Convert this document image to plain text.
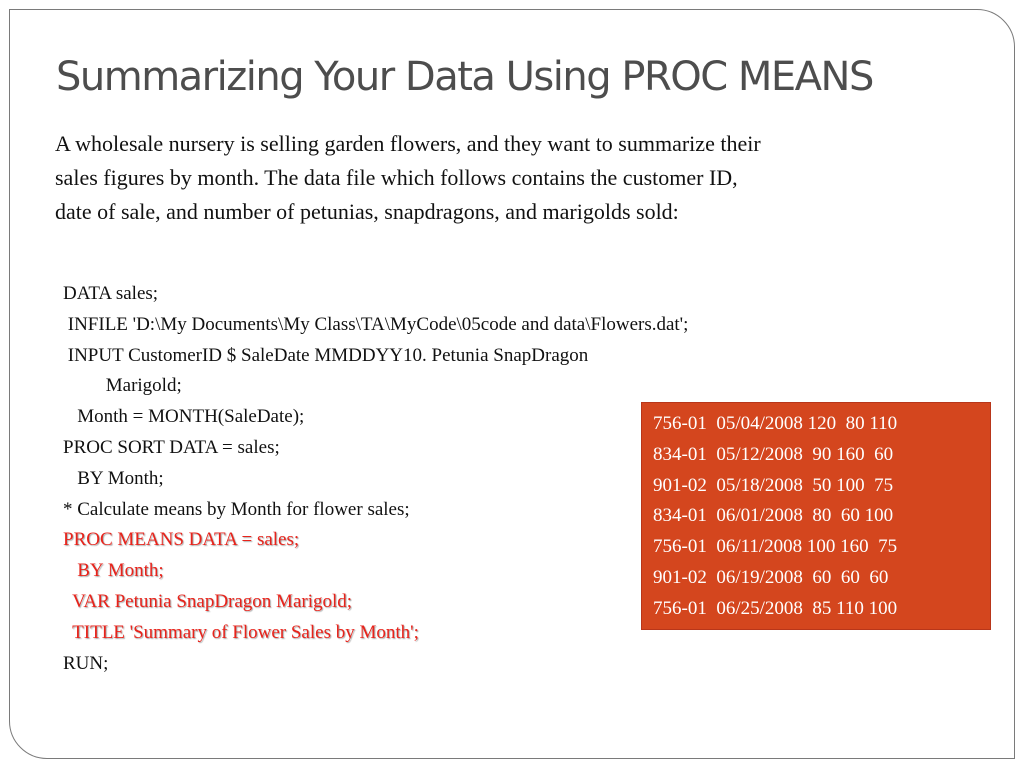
Summarizing Your Data Using PROC MEANS
A wholesale nursery is selling garden flowers, and they want to summarize their
sales figures by month. The data file which follows contains the customer ID,
date of sale, and number of petunias, snapdragons, and marigolds sold:
DATA sales;
INFILE 'D:\My Documents\My Class\TA\MyCode\05code and data\Flowers.dat';
INPUT CustomerID $ SaleDate MMDDYY10. Petunia SnapDragon
Marigold;
Month = MONTH(SaleDate);
PROC SORT DATA = sales;
BY Month;
* Calculate means by Month for flower sales;
PROC MEANS DATA = sales;
BY Month;
VAR Petunia SnapDragon Marigold;
TITLE 'Summary of Flower Sales by Month';
RUN;
756-01  05/04/2008 120  80 110
834-01  05/12/2008  90 160  60
901-02  05/18/2008  50 100  75
834-01  06/01/2008  80  60 100
756-01  06/11/2008 100 160  75
901-02  06/19/2008  60  60  60
756-01  06/25/2008  85 110 100
